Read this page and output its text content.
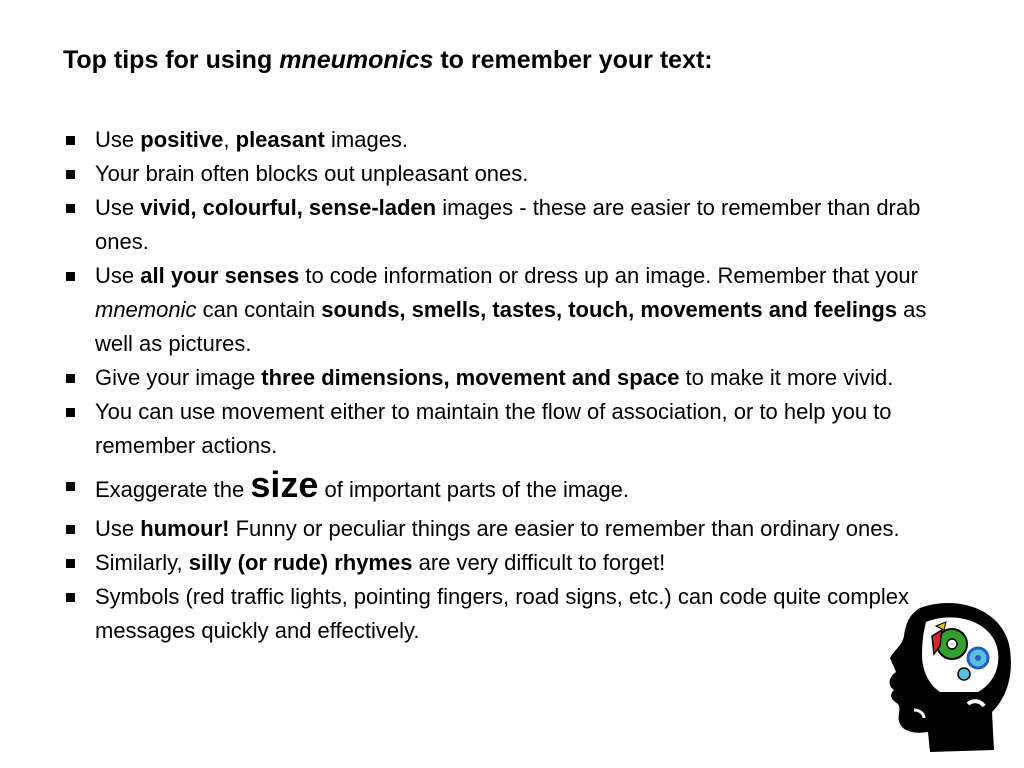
Top tips for using mneumonics to remember your text:
Use positive, pleasant images.
Your brain often blocks out unpleasant ones.
Use vivid, colourful, sense-laden images - these are easier to remember than drab ones.
Use all your senses to code information or dress up an image. Remember that your mnemonic can contain sounds, smells, tastes, touch, movements and feelings as well as pictures.
Give your image three dimensions, movement and space to make it more vivid.
You can use movement either to maintain the flow of association, or to help you to remember actions.
Exaggerate the size of important parts of the image.
Use humour! Funny or peculiar things are easier to remember than ordinary ones.
Similarly, silly (or rude) rhymes are very difficult to forget!
Symbols (red traffic lights, pointing fingers, road signs, etc.) can code quite complex messages quickly and effectively.
